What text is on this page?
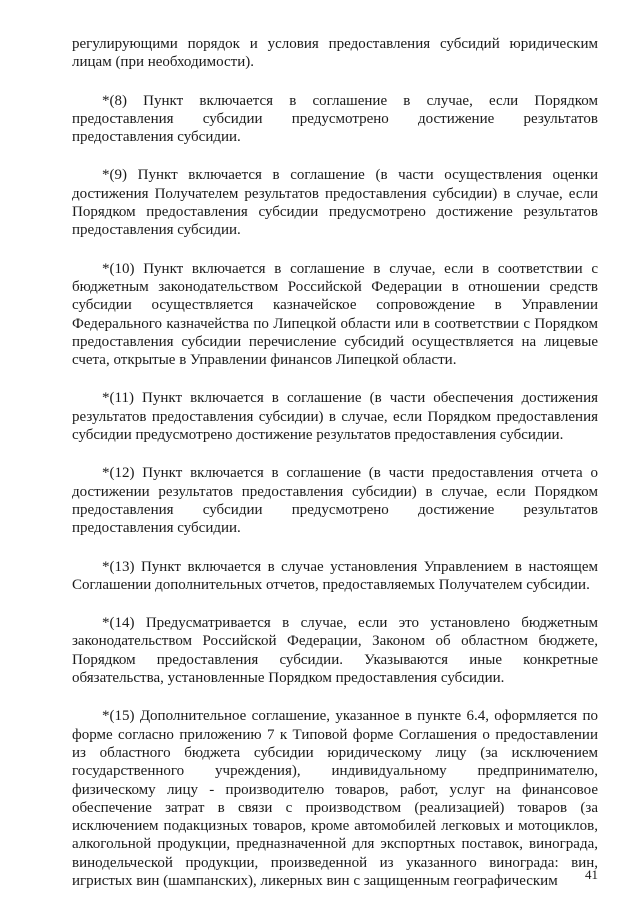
регулирующими порядок и условия предоставления субсидий юридическим лицам (при необходимости).

*(8) Пункт включается в соглашение в случае, если Порядком предоставления субсидии предусмотрено достижение результатов предоставления субсидии.

*(9) Пункт включается в соглашение (в части осуществления оценки достижения Получателем результатов предоставления субсидии) в случае, если Порядком предоставления субсидии предусмотрено достижение результатов предоставления субсидии.

*(10) Пункт включается в соглашение в случае, если в соответствии с бюджетным законодательством Российской Федерации в отношении средств субсидии осуществляется казначейское сопровождение в Управлении Федерального казначейства по Липецкой области или в соответствии с Порядком предоставления субсидии перечисление субсидий осуществляется на лицевые счета, открытые в Управлении финансов Липецкой области.

*(11) Пункт включается в соглашение (в части обеспечения достижения результатов предоставления субсидии) в случае, если Порядком предоставления субсидии предусмотрено достижение результатов предоставления субсидии.

*(12) Пункт включается в соглашение (в части предоставления отчета о достижении результатов предоставления субсидии) в случае, если Порядком предоставления субсидии предусмотрено достижение результатов предоставления субсидии.

*(13) Пункт включается в случае установления Управлением в настоящем Соглашении дополнительных отчетов, предоставляемых Получателем субсидии.

*(14) Предусматривается в случае, если это установлено бюджетным законодательством Российской Федерации, Законом об областном бюджете, Порядком предоставления субсидии. Указываются иные конкретные обязательства, установленные Порядком предоставления субсидии.

*(15) Дополнительное соглашение, указанное в пункте 6.4, оформляется по форме согласно приложению 7 к Типовой форме Соглашения о предоставлении из областного бюджета субсидии юридическому лицу (за исключением государственного учреждения), индивидуальному предпринимателю, физическому лицу - производителю товаров, работ, услуг на финансовое обеспечение затрат в связи с производством (реализацией) товаров (за исключением подакцизных товаров, кроме автомобилей легковых и мотоциклов, алкогольной продукции, предназначенной для экспортных поставок, винограда, винодельческой продукции, произведенной из указанного винограда: вин, игристых вин (шампанских), ликерных вин с защищенным географическим	41
